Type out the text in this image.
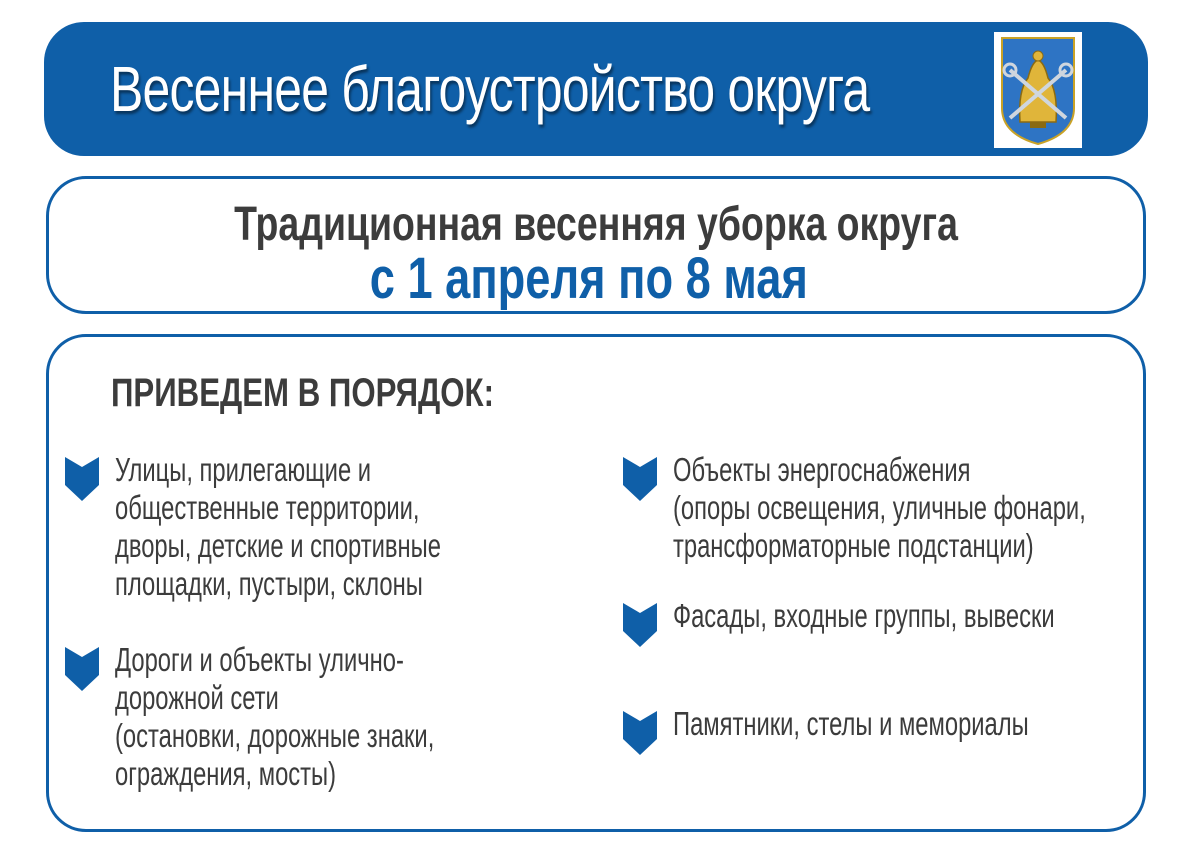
Весеннее благоустройство округа
Традиционная весенняя уборка округа
с 1 апреля по 8 мая
ПРИВЕДЕМ В ПОРЯДОК:
Улицы, прилегающие и
общественные территории,
дворы, детские и спортивные
площадки, пустыри, склоны
Дороги и объекты улично-
дорожной сети
(остановки, дорожные знаки,
ограждения, мосты)
Объекты энергоснабжения
(опоры освещения, уличные фонари,
трансформаторные подстанции)
Фасады, входные группы, вывески
Памятники, стелы и мемориалы
